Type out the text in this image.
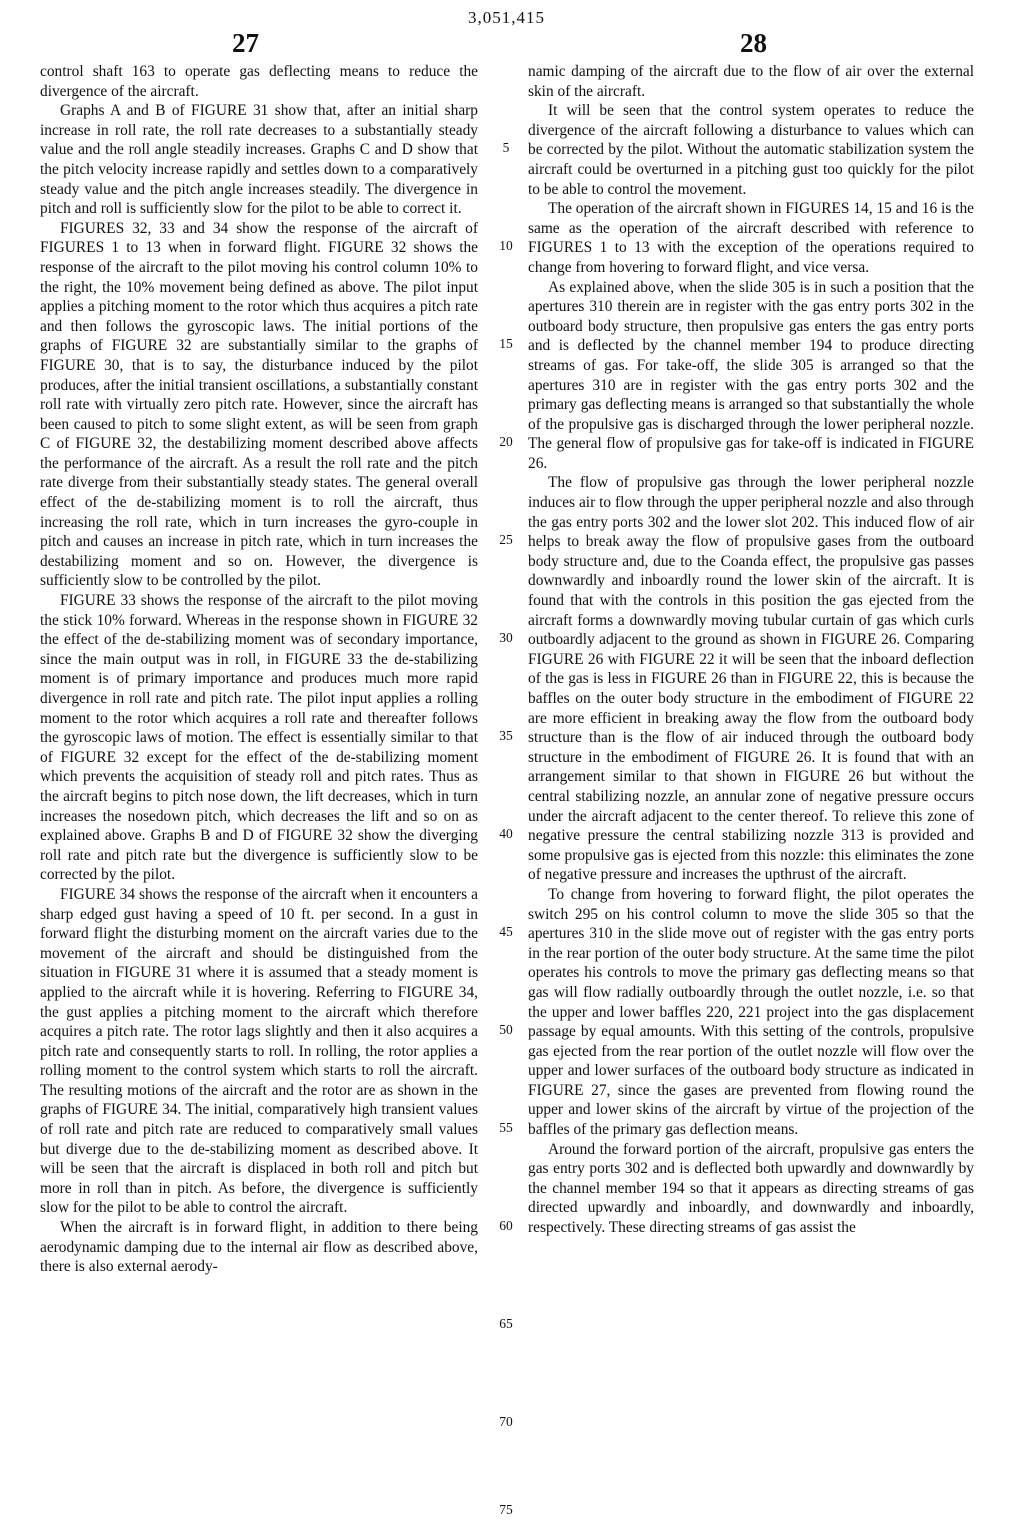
3,051,415
27	28

control shaft 163 to operate gas deflecting means to reduce the divergence of the aircraft.

Graphs A and B of FIGURE 31 show that, after an initial sharp increase in roll rate, the roll rate decreases to a substantially steady value and the roll angle steadily increases. Graphs C and D show that the pitch velocity increase rapidly and settles down to a comparatively steady value and the pitch angle increases steadily. The divergence in pitch and roll is sufficiently slow for the pilot to be able to correct it.

FIGURES 32, 33 and 34 show the response of the aircraft of FIGURES 1 to 13 when in forward flight. FIGURE 32 shows the response of the aircraft to the pilot moving his control column 10% to the right, the 10% movement being defined as above. The pilot input applies a pitching moment to the rotor which thus acquires a pitch rate and then follows the gyroscopic laws. The initial portions of the graphs of FIGURE 32 are substantially similar to the graphs of FIGURE 30, that is to say, the disturbance induced by the pilot produces, after the initial transient oscillations, a substantially constant roll rate with virtually zero pitch rate. However, since the aircraft has been caused to pitch to some slight extent, as will be seen from graph C of FIGURE 32, the destabilizing moment described above affects the performance of the aircraft. As a result the roll rate and the pitch rate diverge from their substantially steady states. The general overall effect of the de-stabilizing moment is to roll the aircraft, thus increasing the roll rate, which in turn increases the gyro-couple in pitch and causes an increase in pitch rate, which in turn increases the destabilizing moment and so on. However, the divergence is sufficiently slow to be controlled by the pilot.

FIGURE 33 shows the response of the aircraft to the pilot moving the stick 10% forward. Whereas in the response shown in FIGURE 32 the effect of the de-stabilizing moment was of secondary importance, since the main output was in roll, in FIGURE 33 the de-stabilizing moment is of primary importance and produces much more rapid divergence in roll rate and pitch rate. The pilot input applies a rolling moment to the rotor which acquires a roll rate and thereafter follows the gyroscopic laws of motion. The effect is essentially similar to that of FIGURE 32 except for the effect of the de-stabilizing moment which prevents the acquisition of steady roll and pitch rates. Thus as the aircraft begins to pitch nose down, the lift decreases, which in turn increases the nosedown pitch, which decreases the lift and so on as explained above. Graphs B and D of FIGURE 32 show the diverging roll rate and pitch rate but the divergence is sufficiently slow to be corrected by the pilot.

FIGURE 34 shows the response of the aircraft when it encounters a sharp edged gust having a speed of 10 ft. per second. In a gust in forward flight the disturbing moment on the aircraft varies due to the movement of the aircraft and should be distinguished from the situation in FIGURE 31 where it is assumed that a steady moment is applied to the aircraft while it is hovering. Referring to FIGURE 34, the gust applies a pitching moment to the aircraft which therefore acquires a pitch rate. The rotor lags slightly and then it also acquires a pitch rate and consequently starts to roll. In rolling, the rotor applies a rolling moment to the control system which starts to roll the aircraft. The resulting motions of the aircraft and the rotor are as shown in the graphs of FIGURE 34. The initial, comparatively high transient values of roll rate and pitch rate are reduced to comparatively small values but diverge due to the de-stabilizing moment as described above. It will be seen that the aircraft is displaced in both roll and pitch but more in roll than in pitch. As before, the divergence is sufficiently slow for the pilot to be able to control the aircraft.

When the aircraft is in forward flight, in addition to there being aerodynamic damping due to the internal air flow as described above, there is also external aerody-

5
10
15
20
25
30
35
40
45
50
55
60
65
70
75

namic damping of the aircraft due to the flow of air over the external skin of the aircraft.

It will be seen that the control system operates to reduce the divergence of the aircraft following a disturbance to values which can be corrected by the pilot. Without the automatic stabilization system the aircraft could be overturned in a pitching gust too quickly for the pilot to be able to control the movement.

The operation of the aircraft shown in FIGURES 14, 15 and 16 is the same as the operation of the aircraft described with reference to FIGURES 1 to 13 with the exception of the operations required to change from hovering to forward flight, and vice versa.

As explained above, when the slide 305 is in such a position that the apertures 310 therein are in register with the gas entry ports 302 in the outboard body structure, then propulsive gas enters the gas entry ports and is deflected by the channel member 194 to produce directing streams of gas. For take-off, the slide 305 is arranged so that the apertures 310 are in register with the gas entry ports 302 and the primary gas deflecting means is arranged so that substantially the whole of the propulsive gas is discharged through the lower peripheral nozzle. The general flow of propulsive gas for take-off is indicated in FIGURE 26.

The flow of propulsive gas through the lower peripheral nozzle induces air to flow through the upper peripheral nozzle and also through the gas entry ports 302 and the lower slot 202. This induced flow of air helps to break away the flow of propulsive gases from the outboard body structure and, due to the Coanda effect, the propulsive gas passes downwardly and inboardly round the lower skin of the aircraft. It is found that with the controls in this position the gas ejected from the aircraft forms a downwardly moving tubular curtain of gas which curls outboardly adjacent to the ground as shown in FIGURE 26. Comparing FIGURE 26 with FIGURE 22 it will be seen that the inboard deflection of the gas is less in FIGURE 26 than in FIGURE 22, this is because the baffles on the outer body structure in the embodiment of FIGURE 22 are more efficient in breaking away the flow from the outboard body structure than is the flow of air induced through the outboard body structure in the embodiment of FIGURE 26. It is found that with an arrangement similar to that shown in FIGURE 26 but without the central stabilizing nozzle, an annular zone of negative pressure occurs under the aircraft adjacent to the center thereof. To relieve this zone of negative pressure the central stabilizing nozzle 313 is provided and some propulsive gas is ejected from this nozzle: this eliminates the zone of negative pressure and increases the upthrust of the aircraft.

To change from hovering to forward flight, the pilot operates the switch 295 on his control column to move the slide 305 so that the apertures 310 in the slide move out of register with the gas entry ports in the rear portion of the outer body structure. At the same time the pilot operates his controls to move the primary gas deflecting means so that gas will flow radially outboardly through the outlet nozzle, i.e. so that the upper and lower baffles 220, 221 project into the gas displacement passage by equal amounts. With this setting of the controls, propulsive gas ejected from the rear portion of the outlet nozzle will flow over the upper and lower surfaces of the outboard body structure as indicated in FIGURE 27, since the gases are prevented from flowing round the upper and lower skins of the aircraft by virtue of the projection of the baffles of the primary gas deflection means.

Around the forward portion of the aircraft, propulsive gas enters the gas entry ports 302 and is deflected both upwardly and downwardly by the channel member 194 so that it appears as directing streams of gas directed upwardly and inboardly, and downwardly and inboardly, respectively. These directing streams of gas assist the
